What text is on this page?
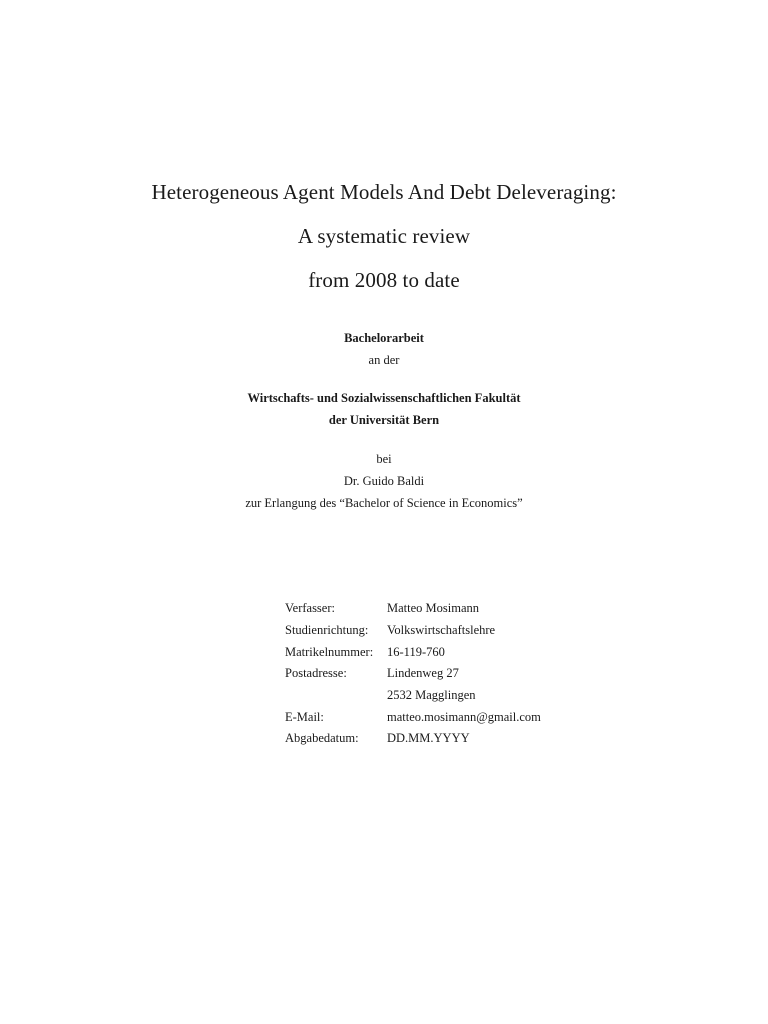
Heterogeneous Agent Models And Debt Deleveraging:
A systematic review
from 2008 to date
Bachelorarbeit
an der
Wirtschafts- und Sozialwissenschaftlichen Fakultät
der Universität Bern
bei
Dr. Guido Baldi
zur Erlangung des “Bachelor of Science in Economics”
Verfasser:	Matteo Mosimann
Studienrichtung:	Volkswirtschaftslehre
Matrikelnummer:	16-119-760
Postadresse:	Lindenweg 27
	2532 Magglingen
E-Mail:	matteo.mosimann@gmail.com
Abgabedatum:	DD.MM.YYYY
